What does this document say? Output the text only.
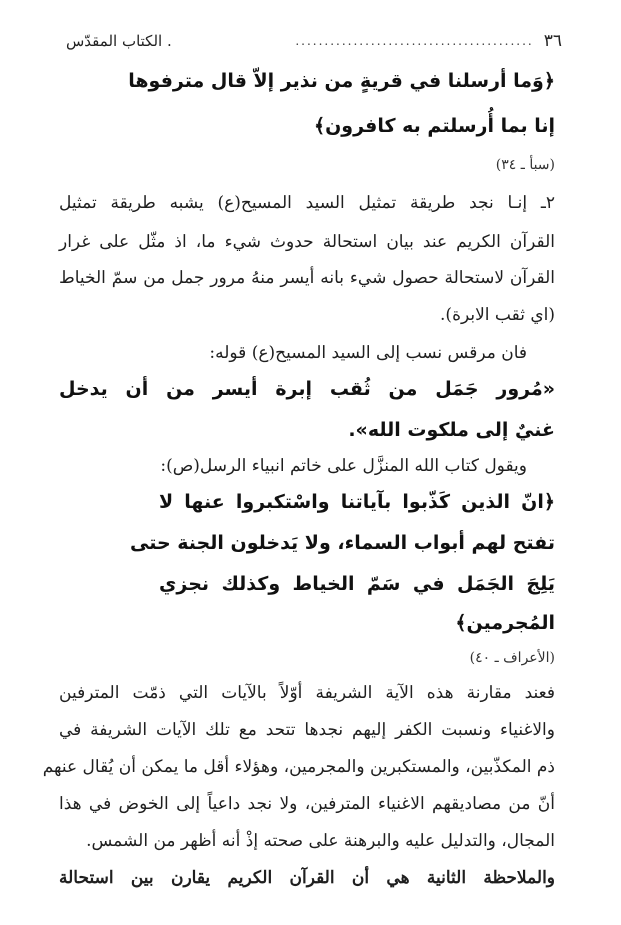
٣٦
.........................................
. الكتاب المقدّس
﴿وَما أرسلنا في قريةٍ من نذير إلاّ قال مترفوها
إنا بما أُرسلتم به كافرون﴾
(سبأ ـ ٣٤)
٢ـ إنـا نجد طريقة تمثيل السيد المسيح(ع) يشبه طريقة تمثيل
القرآن الكريم عند بيان استحالة حدوث شيء ما، اذ مثّل على غرار
القرآن لاستحالة حصول شيء بانه أيسر منهُ مرور جمل من سمّ الخياط
(اي ثقب الابرة).
فان مرقس نسب إلى السيد المسيح(ع) قوله:
«مُرور جَمَل من ثُقب إبرة أيسر من أن يدخل
غنيٌ إلى ملكوت الله».
ويقول كتاب الله المنزَّل على خاتم انبياء الرسل(ص):
﴿انّ الذين كَذّبوا بآياتنا واسْتكبروا عنها لا
تفتح لهم أبواب السماء، ولا يَدخلون الجنة حتى
يَلِجَ الجَمَل في سَمّ الخياط وكذلك نجزي
المُجرمين﴾
(الأعراف ـ ٤٠)
فعند مقارنة هذه الآية الشريفة أوّلاً بالآيات التي ذمّت المترفين
والاغنياء ونسبت الكفر إليهم نجدها تتحد مع تلك الآيات الشريفة في
ذم المكذّبين، والمستكبرين والمجرمين، وهؤلاء أقل ما يمكن أن يُقال عنهم
أنّ من مصاديقهم الاغنياء المترفين، ولا نجد داعياً إلى الخوض في هذا
المجال، والتدليل عليه والبرهنة على صحته إذْ أنه أظهر من الشمس.
والملاحظة الثانية هي أن القرآن الكريم يقارن بين استحالة
